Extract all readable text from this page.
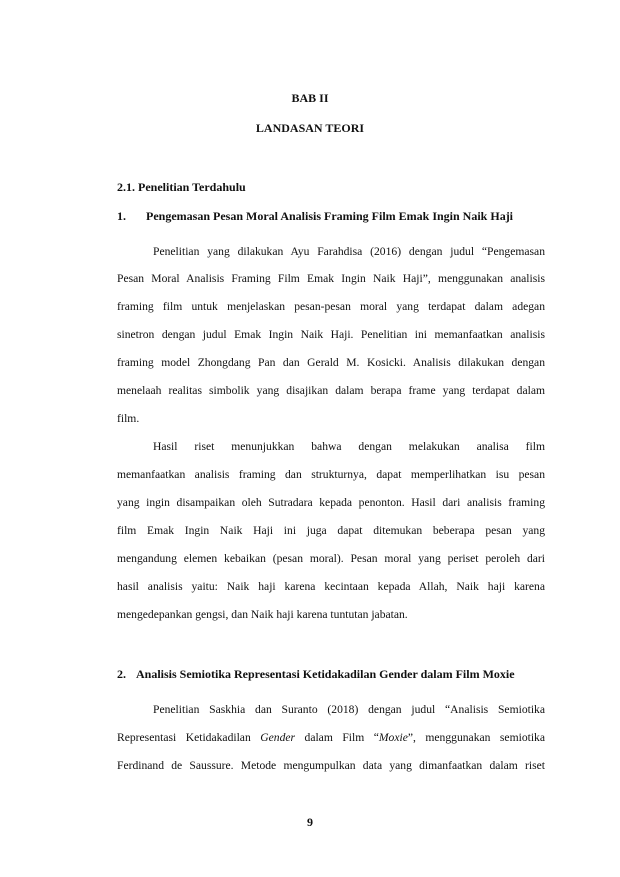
BAB II
LANDASAN TEORI
2.1. Penelitian Terdahulu
1. Pengemasan Pesan Moral Analisis Framing Film Emak Ingin Naik Haji
Penelitian yang dilakukan Ayu Farahdisa (2016) dengan judul “Pengemasan
Pesan Moral Analisis Framing Film Emak Ingin Naik Haji”, menggunakan analisis
framing film untuk menjelaskan pesan-pesan moral yang terdapat dalam adegan
sinetron dengan judul Emak Ingin Naik Haji. Penelitian ini memanfaatkan analisis
framing model Zhongdang Pan dan Gerald M. Kosicki. Analisis dilakukan dengan
menelaah realitas simbolik yang disajikan dalam berapa frame yang terdapat dalam
film.
Hasil riset menunjukkan bahwa dengan melakukan analisa film
memanfaatkan analisis framing dan strukturnya, dapat memperlihatkan isu pesan
yang ingin disampaikan oleh Sutradara kepada penonton. Hasil dari analisis framing
film Emak Ingin Naik Haji ini juga dapat ditemukan beberapa pesan yang
mengandung elemen kebaikan (pesan moral). Pesan moral yang periset peroleh dari
hasil analisis yaitu: Naik haji karena kecintaan kepada Allah, Naik haji karena
mengedepankan gengsi, dan Naik haji karena tuntutan jabatan.
2. Analisis Semiotika Representasi Ketidakadilan Gender dalam Film Moxie
Penelitian Saskhia dan Suranto (2018) dengan judul “Analisis Semiotika
Representasi Ketidakadilan Gender dalam Film “Moxie”, menggunakan semiotika
Ferdinand de Saussure. Metode mengumpulkan data yang dimanfaatkan dalam riset
9
